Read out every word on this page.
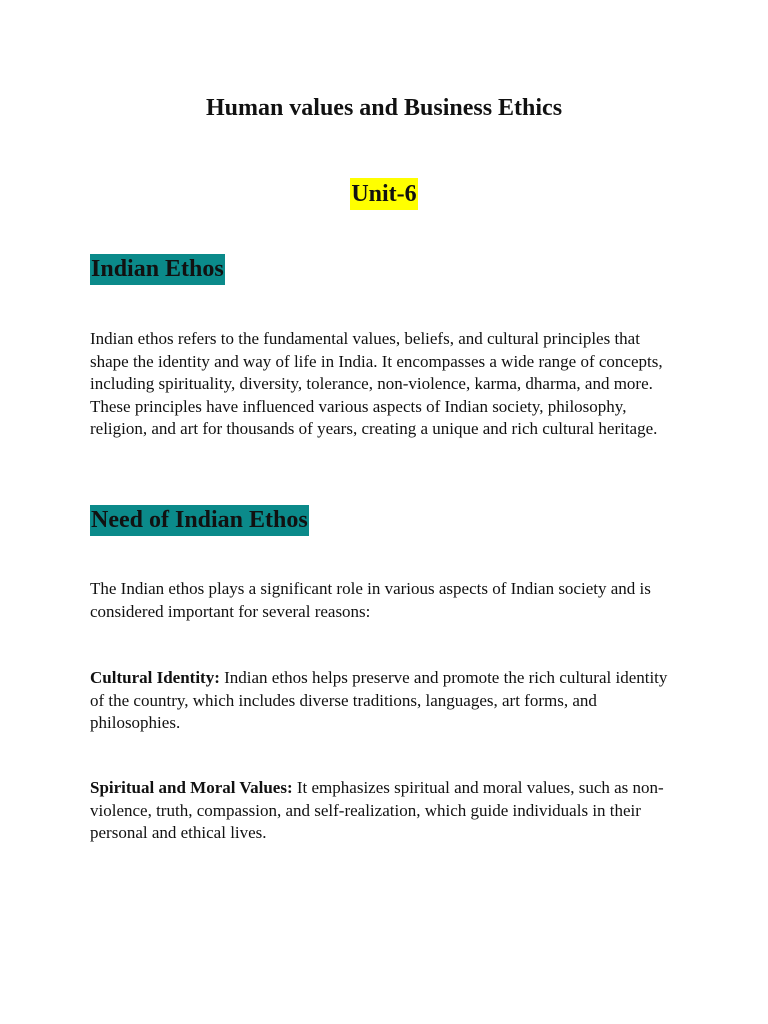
Human values and Business Ethics
Unit-6
Indian Ethos

Indian ethos refers to the fundamental values, beliefs, and cultural principles that shape the identity and way of life in India. It encompasses a wide range of concepts, including spirituality, diversity, tolerance, non-violence, karma, dharma, and more. These principles have influenced various aspects of Indian society, philosophy, religion, and art for thousands of years, creating a unique and rich cultural heritage.

Need of Indian Ethos

The Indian ethos plays a significant role in various aspects of Indian society and is considered important for several reasons:

Cultural Identity: Indian ethos helps preserve and promote the rich cultural identity of the country, which includes diverse traditions, languages, art forms, and philosophies.

Spiritual and Moral Values: It emphasizes spiritual and moral values, such as non-violence, truth, compassion, and self-realization, which guide individuals in their personal and ethical lives.
